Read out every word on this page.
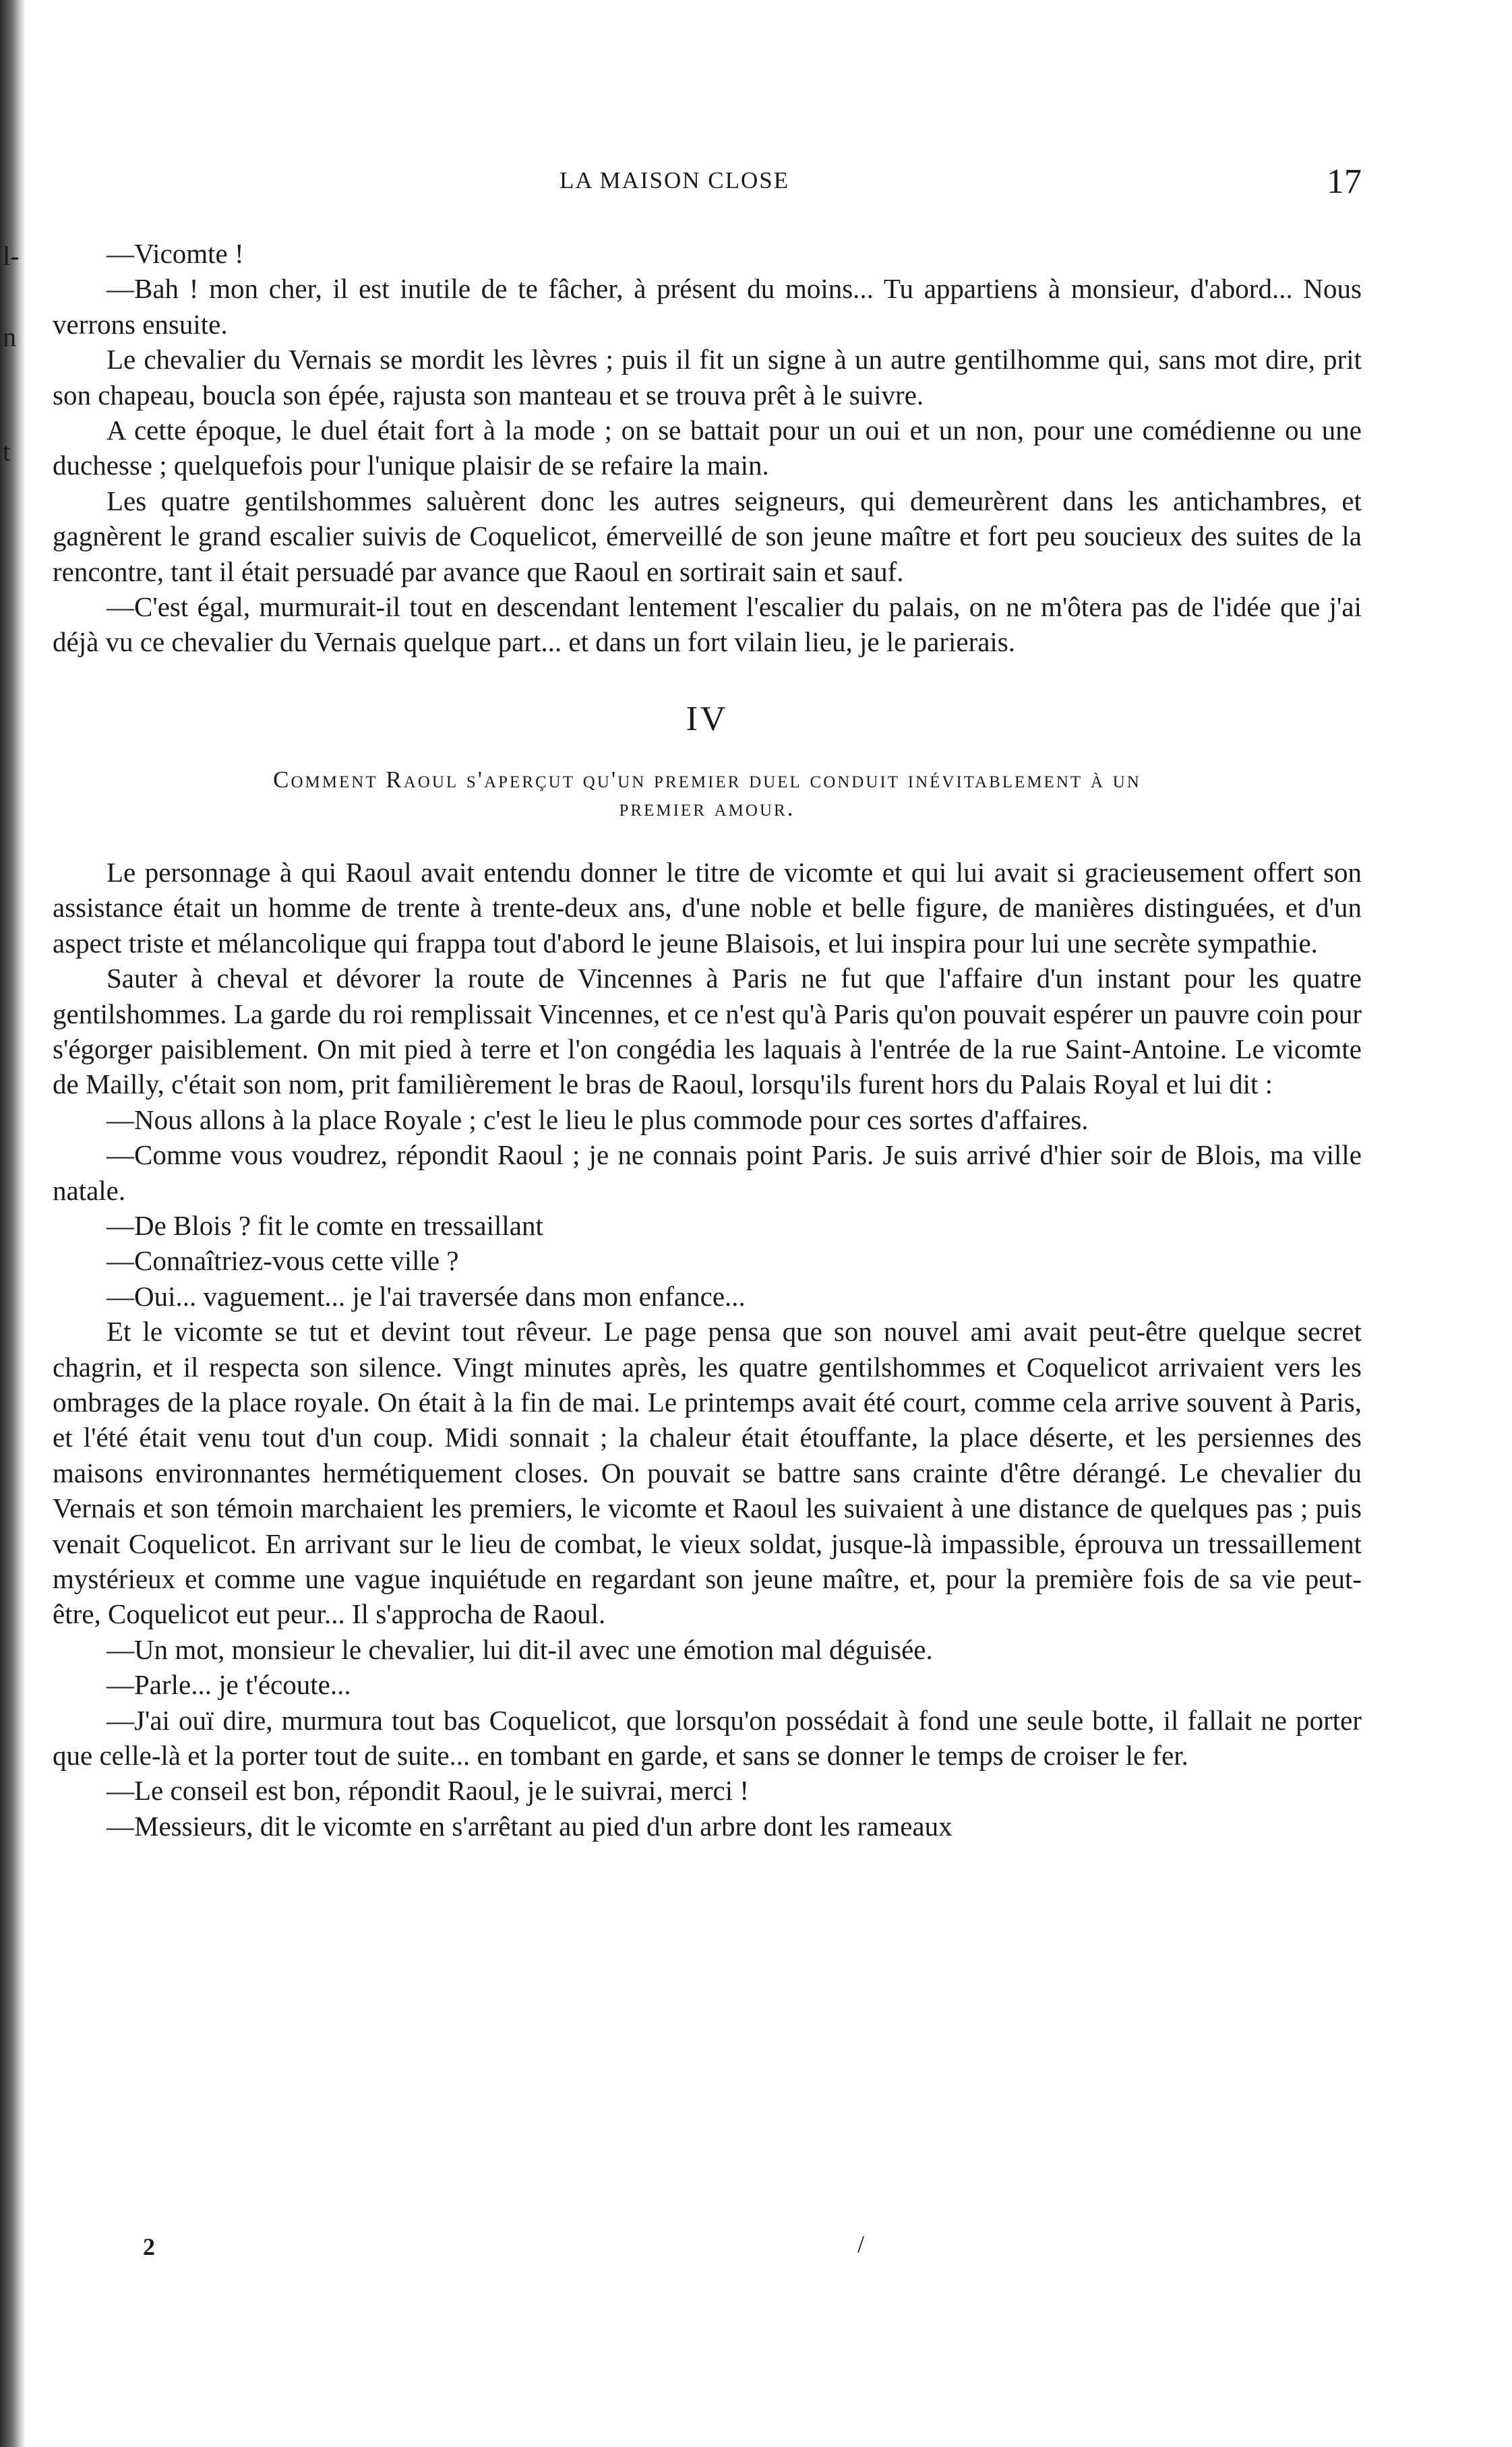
l-
n
t
LA MAISON CLOSE	17

—Vicomte !

—Bah ! mon cher, il est inutile de te fâcher, à présent du moins... Tu appartiens à monsieur, d'abord... Nous verrons ensuite.

Le chevalier du Vernais se mordit les lèvres ; puis il fit un signe à un autre gentilhomme qui, sans mot dire, prit son chapeau, boucla son épée, rajusta son manteau et se trouva prêt à le suivre.

A cette époque, le duel était fort à la mode ; on se battait pour un oui et un non, pour une comédienne ou une duchesse ; quelquefois pour l'unique plaisir de se refaire la main.

Les quatre gentilshommes saluèrent donc les autres seigneurs, qui demeurèrent dans les antichambres, et gagnèrent le grand escalier suivis de Coquelicot, émerveillé de son jeune maître et fort peu soucieux des suites de la rencontre, tant il était persuadé par avance que Raoul en sortirait sain et sauf.

—C'est égal, murmurait-il tout en descendant lentement l'escalier du palais, on ne m'ôtera pas de l'idée que j'ai déjà vu ce chevalier du Vernais quelque part... et dans un fort vilain lieu, je le parierais.

IV
Comment Raoul s'aperçut qu'un premier duel conduit inévitablement à un
premier amour.

Le personnage à qui Raoul avait entendu donner le titre de vicomte et qui lui avait si gracieusement offert son assistance était un homme de trente à trente-deux ans, d'une noble et belle figure, de manières distinguées, et d'un aspect triste et mélancolique qui frappa tout d'abord le jeune Blaisois, et lui inspira pour lui une secrète sympathie.

Sauter à cheval et dévorer la route de Vincennes à Paris ne fut que l'affaire d'un instant pour les quatre gentilshommes. La garde du roi remplissait Vincennes, et ce n'est qu'à Paris qu'on pouvait espérer un pauvre coin pour s'égorger paisiblement. On mit pied à terre et l'on congédia les laquais à l'entrée de la rue Saint-Antoine. Le vicomte de Mailly, c'était son nom, prit familièrement le bras de Raoul, lorsqu'ils furent hors du Palais Royal et lui dit :

—Nous allons à la place Royale ; c'est le lieu le plus commode pour ces sortes d'affaires.

—Comme vous voudrez, répondit Raoul ; je ne connais point Paris. Je suis arrivé d'hier soir de Blois, ma ville natale.

—De Blois ? fit le comte en tressaillant

—Connaîtriez-vous cette ville ?

—Oui... vaguement... je l'ai traversée dans mon enfance...

Et le vicomte se tut et devint tout rêveur. Le page pensa que son nouvel ami avait peut-être quelque secret chagrin, et il respecta son silence. Vingt minutes après, les quatre gentilshommes et Coquelicot arrivaient vers les ombrages de la place royale. On était à la fin de mai. Le printemps avait été court, comme cela arrive souvent à Paris, et l'été était venu tout d'un coup. Midi sonnait ; la chaleur était étouffante, la place déserte, et les persiennes des maisons environnantes hermétiquement closes. On pouvait se battre sans crainte d'être dérangé. Le chevalier du Vernais et son témoin marchaient les premiers, le vicomte et Raoul les suivaient à une distance de quelques pas ; puis venait Coquelicot. En arrivant sur le lieu de combat, le vieux soldat, jusque-là impassible, éprouva un tressaillement mystérieux et comme une vague inquiétude en regardant son jeune maître, et, pour la première fois de sa vie peut-être, Coquelicot eut peur... Il s'approcha de Raoul.

—Un mot, monsieur le chevalier, lui dit-il avec une émotion mal déguisée.

—Parle... je t'écoute...

—J'ai ouï dire, murmura tout bas Coquelicot, que lorsqu'on possédait à fond une seule botte, il fallait ne porter que celle-là et la porter tout de suite... en tombant en garde, et sans se donner le temps de croiser le fer.

—Le conseil est bon, répondit Raoul, je le suivrai, merci !

—Messieurs, dit le vicomte en s'arrêtant au pied d'un arbre dont les rameaux

2	/
